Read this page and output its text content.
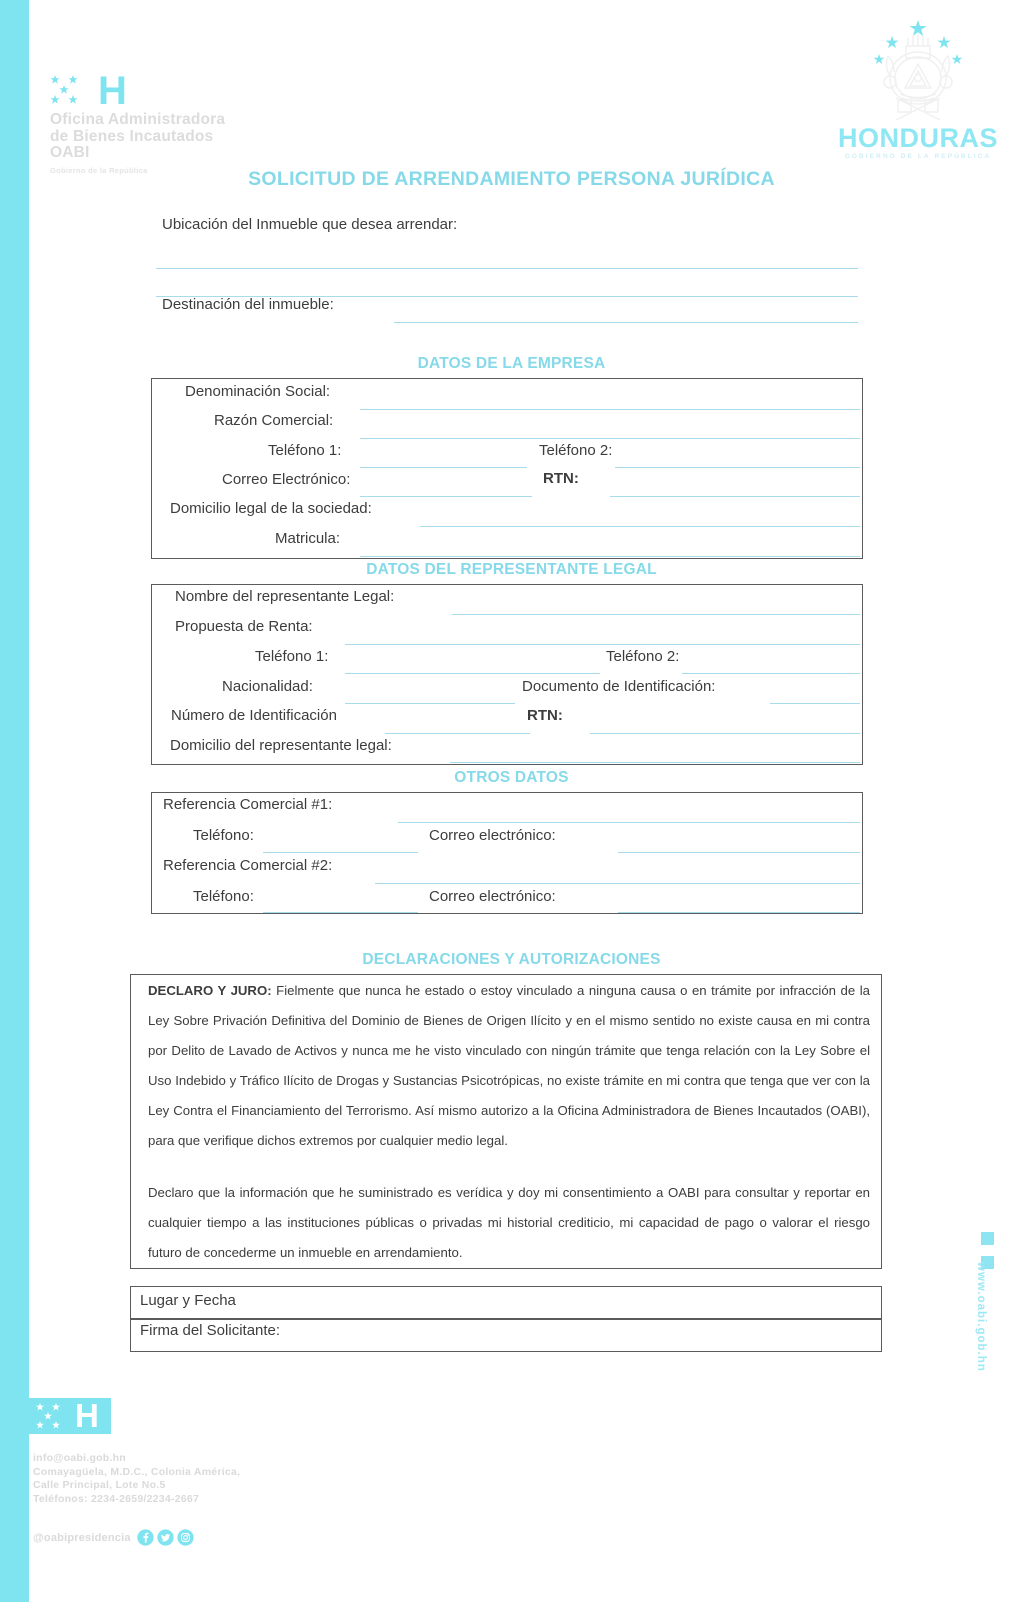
H
Oficina Administradora
de Bienes Incautados
OABI
Gobierno de la República
HONDURAS
GOBIERNO DE LA REPÚBLICA
SOLICITUD DE ARRENDAMIENTO PERSONA JURÍDICA
Ubicación del Inmueble que desea arrendar:
Destinación del inmueble:
DATOS DE LA EMPRESA
Denominación Social:
Razón Comercial:
Teléfono 1:	Teléfono 2:
Correo Electrónico:	RTN:
Domicilio legal de la sociedad:
Matricula:
DATOS DEL REPRESENTANTE LEGAL
Nombre del representante Legal:
Propuesta de Renta:
Teléfono 1:	Teléfono 2:
Nacionalidad:	Documento de Identificación:
Número de Identificación	RTN:
Domicilio del representante legal:
OTROS DATOS
Referencia Comercial #1:
Teléfono:	Correo electrónico:
Referencia Comercial #2:
Teléfono:	Correo electrónico:
DECLARACIONES Y AUTORIZACIONES
DECLARO Y JURO: Fielmente que nunca he estado o estoy vinculado a ninguna causa o en trámite por infracción de la Ley Sobre Privación Definitiva del Dominio de Bienes de Origen Ilícito y en el mismo sentido no existe causa en mi contra por Delito de Lavado de Activos y nunca me he visto vinculado con ningún trámite que tenga relación con la Ley Sobre el Uso Indebido y Tráfico Ilícito de Drogas y Sustancias Psicotrópicas, no existe trámite en mi contra que tenga que ver con la Ley Contra el Financiamiento del Terrorismo. Así mismo autorizo a la Oficina Administradora de Bienes Incautados (OABI), para que verifique dichos extremos por cualquier medio legal.
Declaro que la información que he suministrado es verídica y doy mi consentimiento a OABI para consultar y reportar en cualquier tiempo a las instituciones públicas o privadas mi historial crediticio, mi capacidad de pago o valorar el riesgo futuro de concederme un inmueble en arrendamiento.
Lugar y Fecha
Firma del Solicitante:	www.oabi.gob.hn
H
info@oabi.gob.hn
Comayagüela, M.D.C., Colonia América,
Calle Principal, Lote No.5
Teléfonos: 2234-2659/2234-2667
@oabipresidencia
